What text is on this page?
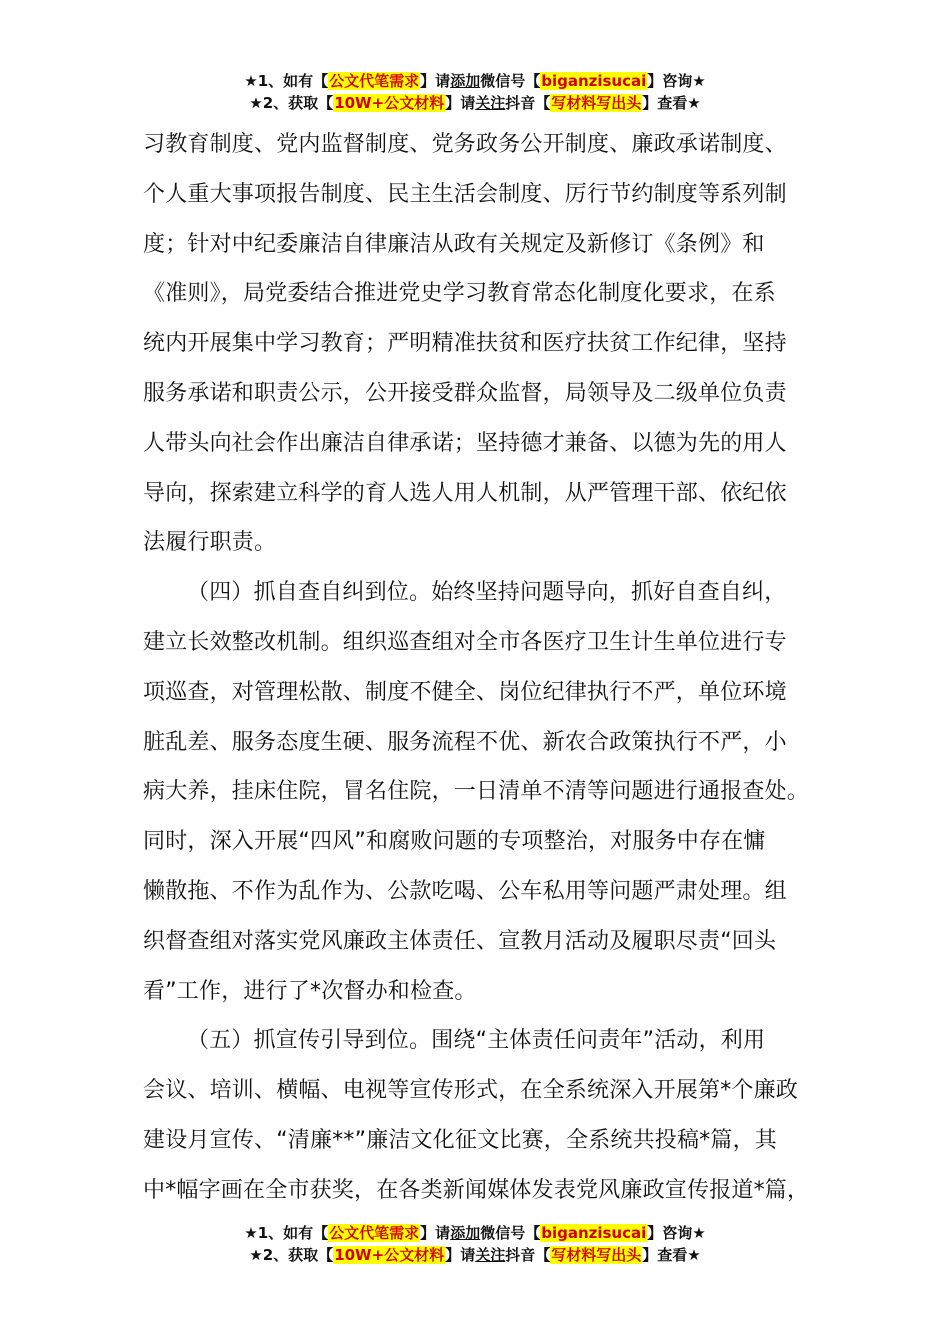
★1、如有【公文代笔需求】请添加微信号【biganzisucai】咨询★
★2、获取【10W+公文材料】请关注抖音【写材料写出头】查看★
习教育制度、党内监督制度、党务政务公开制度、廉政承诺制度、
个人重大事项报告制度、民主生活会制度、厉行节约制度等系列制
度；针对中纪委廉洁自律廉洁从政有关规定及新修订《条例》和
《准则》，局党委结合推进党史学习教育常态化制度化要求，在系
统内开展集中学习教育；严明精准扶贫和医疗扶贫工作纪律，坚持
服务承诺和职责公示，公开接受群众监督，局领导及二级单位负责
人带头向社会作出廉洁自律承诺；坚持德才兼备、以德为先的用人
导向，探索建立科学的育人选人用人机制，从严管理干部、依纪依
法履行职责。
（四）抓自查自纠到位。始终坚持问题导向，抓好自查自纠，
建立长效整改机制。组织巡查组对全市各医疗卫生计生单位进行专
项巡查，对管理松散、制度不健全、岗位纪律执行不严，单位环境
脏乱差、服务态度生硬、服务流程不优、新农合政策执行不严，小
病大养，挂床住院，冒名住院，一日清单不清等问题进行通报查处。
同时，深入开展“四风”和腐败问题的专项整治，对服务中存在慵
懒散拖、不作为乱作为、公款吃喝、公车私用等问题严肃处理。组
织督查组对落实党风廉政主体责任、宣教月活动及履职尽责“回头
看”工作，进行了*次督办和检查。
（五）抓宣传引导到位。围绕“主体责任问责年”活动，利用
会议、培训、横幅、电视等宣传形式，在全系统深入开展第*个廉政
建设月宣传、“清廉**”廉洁文化征文比赛，全系统共投稿*篇，其
中*幅字画在全市获奖，在各类新闻媒体发表党风廉政宣传报道*篇，
★1、如有【公文代笔需求】请添加微信号【biganzisucai】咨询★
★2、获取【10W+公文材料】请关注抖音【写材料写出头】查看★
